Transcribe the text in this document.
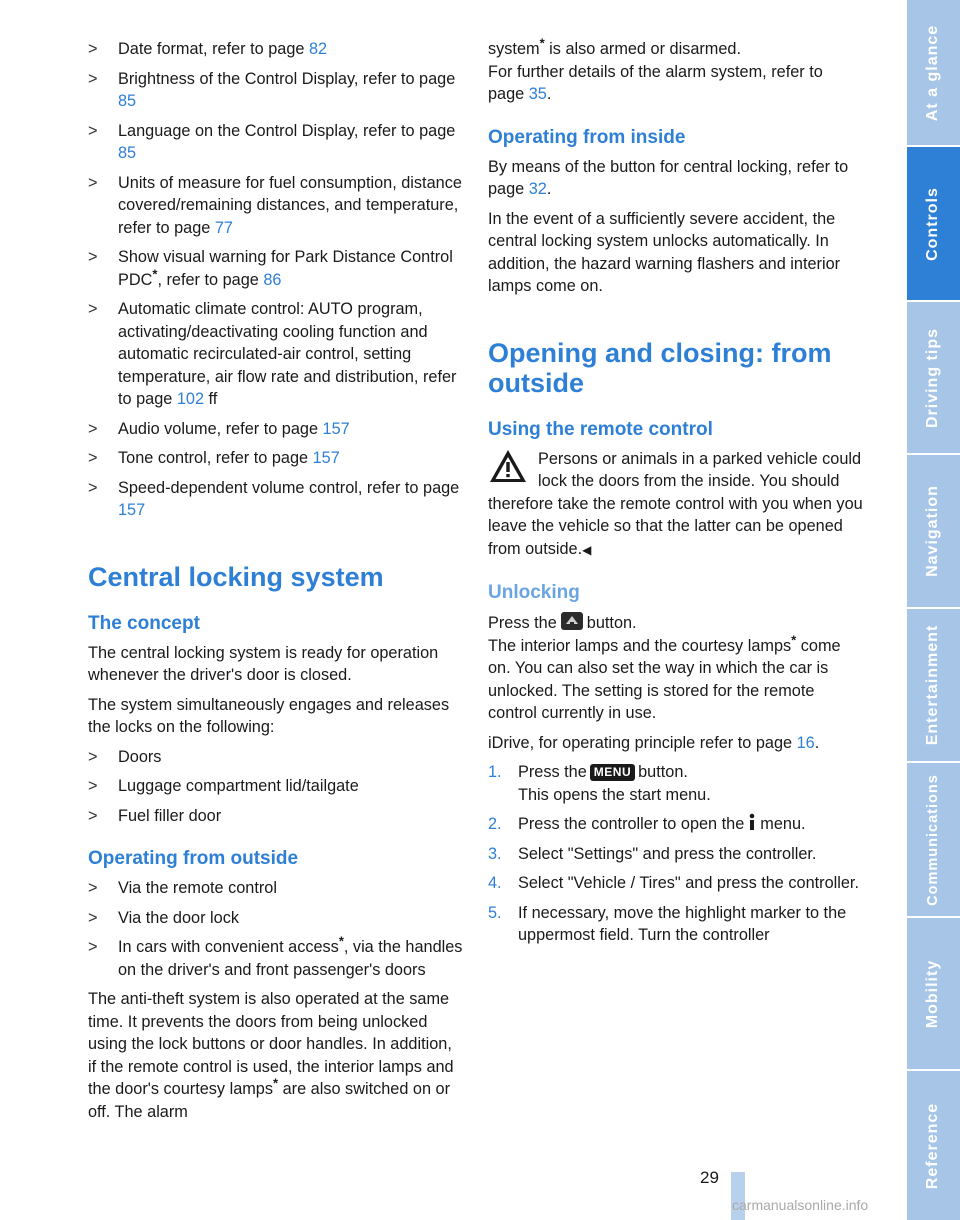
> Date format, refer to page 82
> Brightness of the Control Display, refer to page 85
> Language on the Control Display, refer to page 85
> Units of measure for fuel consumption, distance covered/remaining distances, and temperature, refer to page 77
> Show visual warning for Park Distance Control PDC*, refer to page 86
> Automatic climate control: AUTO program, activating/deactivating cooling function and automatic recirculated-air control, setting temperature, air flow rate and distribution, refer to page 102 ff
> Audio volume, refer to page 157
> Tone control, refer to page 157
> Speed-dependent volume control, refer to page 157
Central locking system
The concept

The central locking system is ready for operation whenever the driver's door is closed.

The system simultaneously engages and releases the locks on the following:

> Doors
> Luggage compartment lid/tailgate
> Fuel filler door
Operating from outside
> Via the remote control
> Via the door lock
> In cars with convenient access*, via the handles on the driver's and front passenger's doors

The anti-theft system is also operated at the same time. It prevents the doors from being unlocked using the lock buttons or door handles. In addition, if the remote control is used, the interior lamps and the door's courtesy lamps* are also switched on or off. The alarm

system* is also armed or disarmed.

For further details of the alarm system, refer to page 35.

Operating from inside

By means of the button for central locking, refer to page 32.

In the event of a sufficiently severe accident, the central locking system unlocks automatically. In addition, the hazard warning flashers and interior lamps come on.

Opening and closing: from outside
Using the remote control

Persons or animals in a parked vehicle could lock the doors from the inside. You should therefore take the remote control with you when you leave the vehicle so that the latter can be opened from outside.◀

Unlocking

Press the button.

The interior lamps and the courtesy lamps* come on. You can also set the way in which the car is unlocked. The setting is stored for the remote control currently in use.

iDrive, for operating principle refer to page 16.

1. Press the MENU button.
This opens the start menu.
2. Press the controller to open the menu.
3. Select "Settings" and press the controller.
4. Select "Vehicle / Tires" and press the controller.
5. If necessary, move the highlight marker to the uppermost field. Turn the controller
At a glance
Controls
Driving tips
Navigation
Entertainment
Communications
Mobility
Reference
29
carmanualsonline.info
